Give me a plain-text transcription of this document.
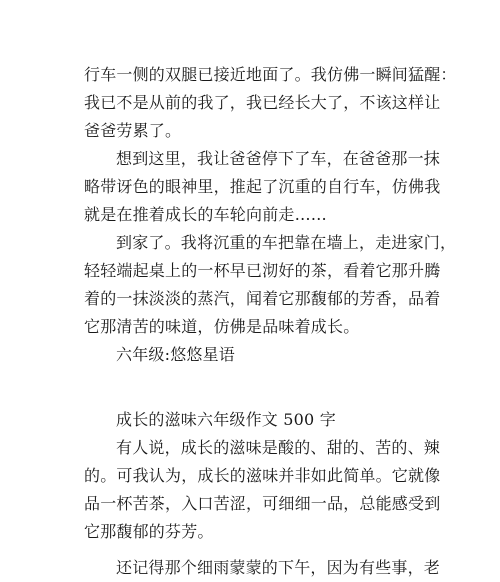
行车一侧的双腿已接近地面了。我仿佛一瞬间猛醒：
我已不是从前的我了，我已经长大了，不该这样让
爸爸劳累了。
想到这里，我让爸爸停下了车，在爸爸那一抹
略带讶色的眼神里，推起了沉重的自行车，仿佛我
就是在推着成长的车轮向前走……
到家了。我将沉重的车把靠在墙上，走进家门，
轻轻端起桌上的一杯早已沏好的茶，看着它那升腾
着的一抹淡淡的蒸汽，闻着它那馥郁的芳香，品着
它那清苦的味道，仿佛是品味着成长。
六年级:悠悠星语
成长的滋味六年级作文 500 字
有人说，成长的滋味是酸的、甜的、苦的、辣
的。可我认为，成长的滋味并非如此简单。它就像
品一杯苦茶，入口苦涩，可细细一品，总能感受到
它那馥郁的芬芳。
还记得那个细雨蒙蒙的下午，因为有些事，老
